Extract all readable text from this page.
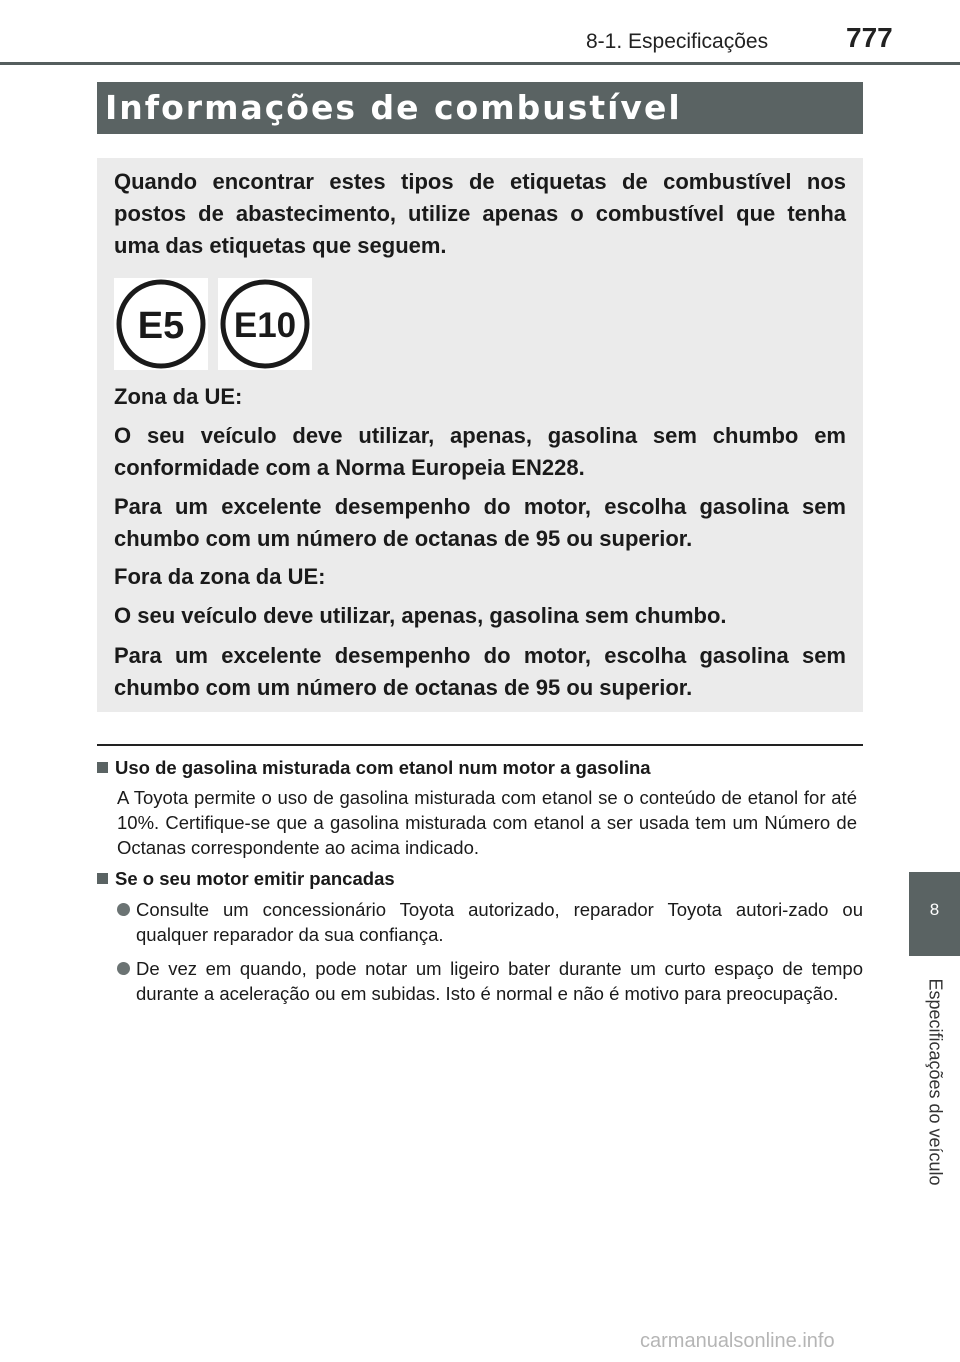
8-1. Especificações	777
Informações de combustível

Quando encontrar estes tipos de etiquetas de combustível nos postos de abastecimento, utilize apenas o combustível que tenha uma das etiquetas que seguem.

E5 E10

Zona da UE:

O seu veículo deve utilizar, apenas, gasolina sem chumbo em conformidade com a Norma Europeia EN228.

Para um excelente desempenho do motor, escolha gasolina sem chumbo com um número de octanas de 95 ou superior.

Fora da zona da UE:

O seu veículo deve utilizar, apenas, gasolina sem chumbo.

Para um excelente desempenho do motor, escolha gasolina sem chumbo com um número de octanas de 95 ou superior.

Uso de gasolina misturada com etanol num motor a gasolina

A Toyota permite o uso de gasolina misturada com etanol se o conteúdo de etanol for até 10%. Certifique-se que a gasolina misturada com etanol a ser usada tem um Número de Octanas correspondente ao acima indicado.

Se o seu motor emitir pancadas

Consulte um concessionário Toyota autorizado, reparador Toyota autori-zado ou qualquer reparador da sua confiança.

De vez em quando, pode notar um ligeiro bater durante um curto espaço de tempo durante a aceleração ou em subidas. Isto é normal e não é motivo para preocupação.

8
Especificações do veículo
carmanualsonline.info
